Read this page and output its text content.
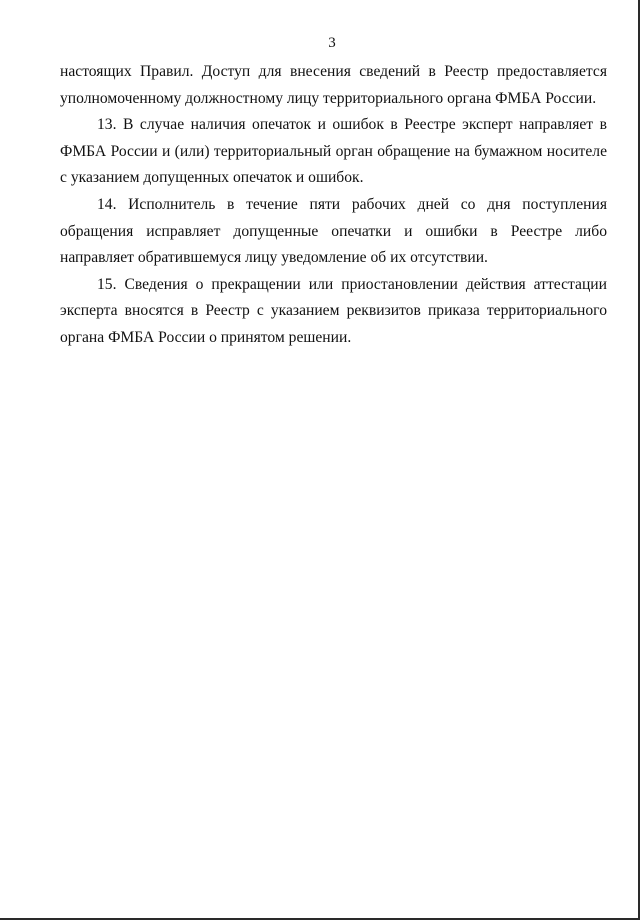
3

настоящих Правил. Доступ для внесения сведений в Реестр предоставляется уполномоченному должностному лицу территориального органа ФМБА России.

13. В случае наличия опечаток и ошибок в Реестре эксперт направляет в ФМБА России и (или) территориальный орган обращение на бумажном носителе с указанием допущенных опечаток и ошибок.

14. Исполнитель в течение пяти рабочих дней со дня поступления обращения исправляет допущенные опечатки и ошибки в Реестре либо направляет обратившемуся лицу уведомление об их отсутствии.

15. Сведения о прекращении или приостановлении действия аттестации эксперта вносятся в Реестр с указанием реквизитов приказа территориального органа ФМБА России о принятом решении.
